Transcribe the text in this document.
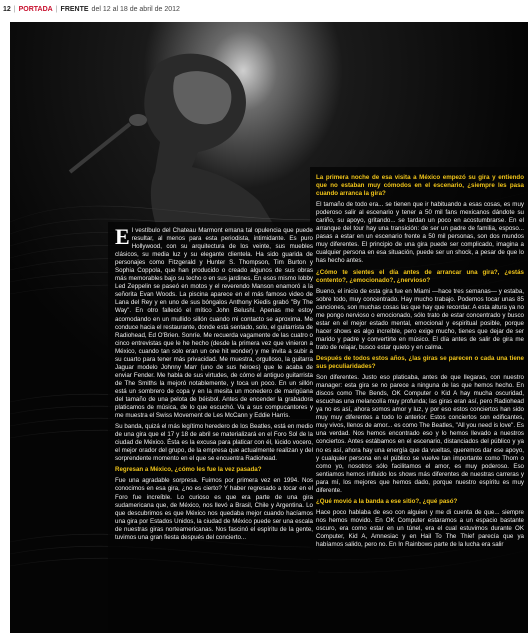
12 | PORTADA | FRENTE del 12 al 18 de abril de 2012

El vestíbulo del Chateau Marmont emana tal opulencia que puede resultar, al menos para esta periodista, intimidante. Es puro Hollywood, con su arquitectura de los veinte, sus muebles clásicos, su media luz y su elegante clientela. Ha sido guarida de personajes como Fitzgerald y Hunter S. Thompson, Tim Burton y Sophia Coppola, que han producido o creado algunos de sus obras más memorables bajo su techo o en sus jardines. En esos mismo lobby Led Zeppelin se paseó en motos y el reverendo Manson enamoró a la señorita Evan Woods. La piscina aparece en el más famoso video de Lana del Rey y en uno de sus bóngalos Anthony Kiedis grabó "By The Way". En otro falleció el mítico John Belushi. Apenas me estoy acomodando en un mullido sillón cuando mi contacto se aproxima. Me conduce hacia el restaurante, donde está sentado, solo, el guitarrista de Radiohead, Ed O'Brien. Sonríe. Me recuerda vagamente de las cuatro o cinco entrevistas que le he hecho (desde la primera vez que vinieron a México, cuando tan solo eran un one hit wonder) y me invita a subir a su cuarto para tener más privacidad. Me muestra, orgulloso, la guitarra Jaguar modelo Johnny Marr (uno de sus héroes) que le acaba de enviar Fender. Me habla de sus virtudes, de cómo el antiguo guitarrista de The Smiths la mejoró notablemente, y toca un poco. En un sillón está un sombrero de copa y en la mesita un monedero de marigüana del tamaño de una pelota de béisbol. Antes de encender la grabadora platicamos de música, de lo que escuchó. Va a sus compucantores y me muestra el Swiss Movement de Les McCann y Eddie Harris.

Su banda, quizá el más legítimo heredero de los Beatles, está en medio de una gira que el 17 y 18 de abril se materializará en el Foro Sol de la ciudad de México. Ésta es la excusa para platicar con él, lúcido vocero, el mejor orador del grupo, de la empresa que actualmente realizan y del sorprendente momento en el que se encuentra Radiohead.

Regresan a México, ¿cómo les fue la vez pasada?

Fue una agradable sorpresa. Fuimos por primera vez en 1994. Nos conocimos en esa gira, ¿no es cierto? Y haber regresado a tocar en el Foro fue increíble. Lo curioso es que era parte de una gira sudamericana que, de México, nos llevó a Brasil, Chile y Argentina. Lo que descubrimos es que México nos quedaba mejor cuando hacíamos una gira por Estados Unidos, la ciudad de México puede ser una escala de nuestras giras norteamericanas. Nos fascinó el espíritu de la gente, tuvimos una gran fiesta después del concierto...

La primera noche de esa visita a México empezó su gira y entiendo que no estaban muy cómodos en el escenario, ¿siempre les pasa cuando arranca la gira?

El tamaño de todo era... se tienen que ir habituando a esas cosas, es muy poderoso salir al escenario y tener a 50 mil fans mexicanos dándote su cariño, su apoyo, gritando... se tardan un poco en acostumbrarse. En el arranque del tour hay una transición: de ser un padre de familia, esposo... pasas a estar en un escenario frente a 50 mil personas, son dos mundos muy diferentes. El principio de una gira puede ser complicado, imagina a cualquier persona en esa situación, puede ser un shock, a pesar de que lo has hecho antes.

¿Cómo te sientes el día antes de arrancar una gira?, ¿estás contento?, ¿emocionado?, ¿nervioso?

Bueno, el inicio de esta gira fue en Miami —hace tres semanas— y estaba, sobre todo, muy concentrado. Hay mucho trabajo. Podemos tocar unas 85 canciones, son muchas cosas las que hay que recordar. A esta altura ya no me pongo nervioso o emocionado, sólo trato de estar concentrado y busco estar en el mejor estado mental, emocional y espiritual posible, porque hacer shows es algo increíble, pero exige mucho, tienes que dejar de ser marido y padre y convertirte en músico. El día antes de salir de gira me trato de relajar, busco estar quieto y en calma.

Después de todos estos años, ¿las giras se parecen o cada una tiene sus peculiaridades?

Son diferentes. Justo eso platicaba, antes de que llegaras, con nuestro manager: esta gira se no parece a ninguna de las que hemos hecho. En discos como The Bends, OK Computer o Kid A hay mucha oscuridad, escuchas una melancolía muy profunda; las giras eran así, pero Radiohead ya no es así, ahora somos amor y luz, y por eso estos conciertos han sido muy muy diferentes a todo lo anterior. Estos conciertos son edificantes, muy vivos, llenos de amor... es como The Beatles, "All you need is love". Es una verdad. Nos hemos encontrado eso y lo hemos llevado a nuestros conciertos. Antes estábamos en el escenario, distanciados del público y ya no es así, ahora hay una energía que da vueltas, queremos dar ese apoyo, y cualquier persona en el público se vuelve tan importante como Thom o como yo, nosotros sólo facilitamos el amor, es muy poderoso. Eso sentiamos hemos influido los shows más diferentes de nuestras carreras y para mí, los mejores que hemos dado, porque nuestro espíritu es muy diferente.

¿Qué movió a la banda a ese sitio?, ¿qué pasó?

Hace poco hablaba de eso con alguien y me di cuenta de que... siempre nos hemos movido. En OK Computer estaramos a un espacio bastante oscuro, era como estar en un túnel, era el cual estuvimos durante OK Computer, Kid A, Amnesiac y en Hail To The Thief parecía que ya habíamos salido, pero no. En In Rainbows parte de la lucha era salir
